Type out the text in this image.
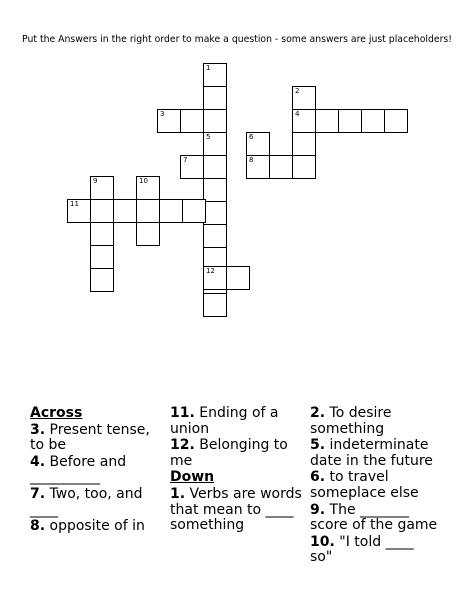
Put the Answers in the right order to make a question - some answers are just placeholders!
1
3
5
7
2
4
6
8
11
9	10
12
Across
3. Present tense, to be
4. Before and __________
7. Two, too, and ____
8. opposite of in
11. Ending of a union
12. Belonging to me
Down
1. Verbs are words that mean to ____ something
2. To desire something
5. indeterminate date in the future
6. to travel someplace else
9. The _______ score of the game
10. "I told ____ so"
